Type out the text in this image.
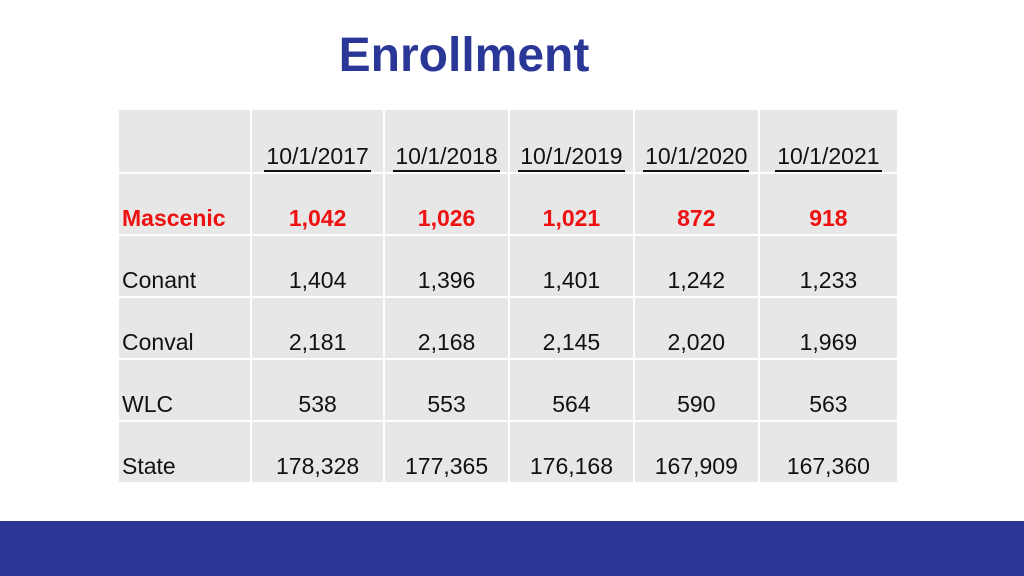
Enrollment
	10/1/2017	10/1/2018	10/1/2019	10/1/2020	10/1/2021
Mascenic	1,042	1,026	1,021	872	918
Conant	1,404	1,396	1,401	1,242	1,233
Conval	2,181	2,168	2,145	2,020	1,969
WLC	538	553	564	590	563
State	178,328	177,365	176,168	167,909	167,360
